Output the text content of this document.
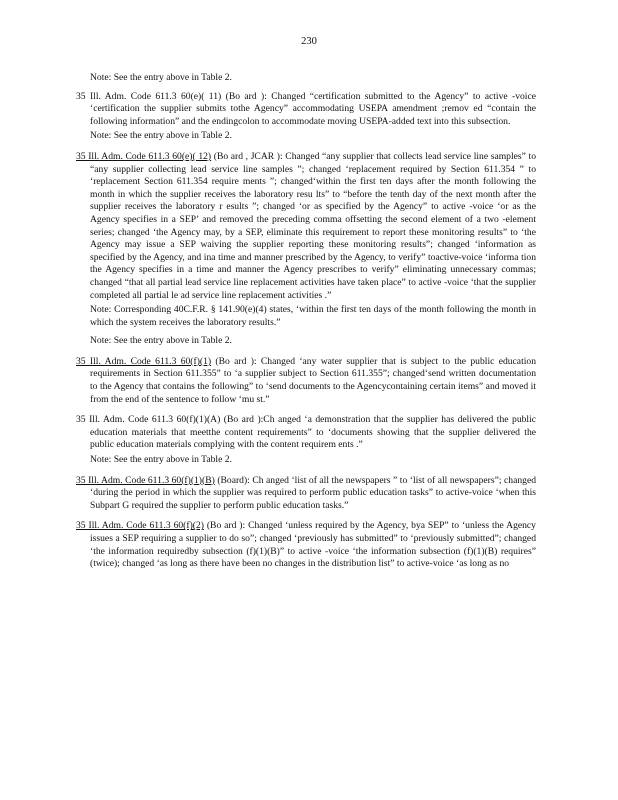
230
Note: See the entry above in Table 2.
35 Ill. Adm. Code 611.3 60(e)( 11) (Bo ard ): Changed “certification submitted to the Agency” to active -voice ‘certification the supplier submits tothe Agency” accommodating USEPA amendment ;remov ed “contain the following information” and the endingcolon to accommodate moving USEPA-added text into this subsection.
Note: See the entry above in Table 2.
35 Ill. Adm. Code 611.3 60(e)( 12) (Bo ard , JCAR ): Changed “any supplier that collects lead service line samples” to “any supplier collecting lead service line samples ”; changed ‘replacement required by Section 611.354 ” to ‘replacement Section 611.354 require ments ”; changed‘within the first ten days after the month following the month in which the supplier receives the laboratory resu lts” to “before the tenth day of the next month after the supplier receives the laboratory r esults ”; changed ‘or as specified by the Agency” to active -voice ‘or as the Agency specifies in a SEP’ and removed the preceding comma offsetting the second element of a two -element series; changed ‘the Agency may, by a SEP, eliminate this requirement to report these monitoring results” to ‘the Agency may issue a SEP waiving the supplier reporting these monitoring results”; changed ‘information as specified by the Agency, and ina time and manner prescribed by the Agency, to verify” toactive-voice ‘informa tion the Agency specifies in a time and manner the Agency prescribes to verify” eliminating unnecessary commas; changed “that all partial lead service line replacement activities have taken place” to active -voice ‘that the supplier completed all partial le ad service line replacement activities .”
Note: Corresponding 40C.F.R. § 141.90(e)(4) states, ‘within the first ten days of the month following the month in which the system receives the laboratory results.”
Note: See the entry above in Table 2.
35 Ill. Adm. Code 611.3 60(f)(1) (Bo ard ): Changed ‘any water supplier that is subject to the public education requirements in Section 611.355” to ‘a supplier subject to Section 611.355”; changed‘send written documentation to the Agency that contains the following” to ‘send documents to the Agencycontaining certain items” and moved it from the end of the sentence to follow ‘mu st.”
35 Ill. Adm. Code 611.3 60(f)(1)(A) (Bo ard ):Ch anged ‘a demonstration that the supplier has delivered the public education materials that meetthe content requirements” to ‘documents showing that the supplier delivered the public education materials complying with the content requirem ents .”
Note: See the entry above in Table 2.
35 Ill. Adm. Code 611.3 60(f)(1)(B) (Board): Ch anged ‘list of all the newspapers ” to ‘list of all newspapers”; changed ‘during the period in which the supplier was required to perform public education tasks” to active-voice ‘when this Subpart G required the supplier to perform public education tasks.”
35 Ill. Adm. Code 611.3 60(f)(2) (Bo ard ): Changed ‘unless required by the Agency, bya SEP” to ‘unless the Agency issues a SEP requiring a supplier to do so”; changed ‘previously has submitted” to ‘previously submitted”; changed ‘the information requiredby subsection (f)(1)(B)” to active -voice ‘the information subsection (f)(1)(B) requires” (twice); changed ‘as long as there have been no changes in the distribution list” to active-voice ‘as long as no
